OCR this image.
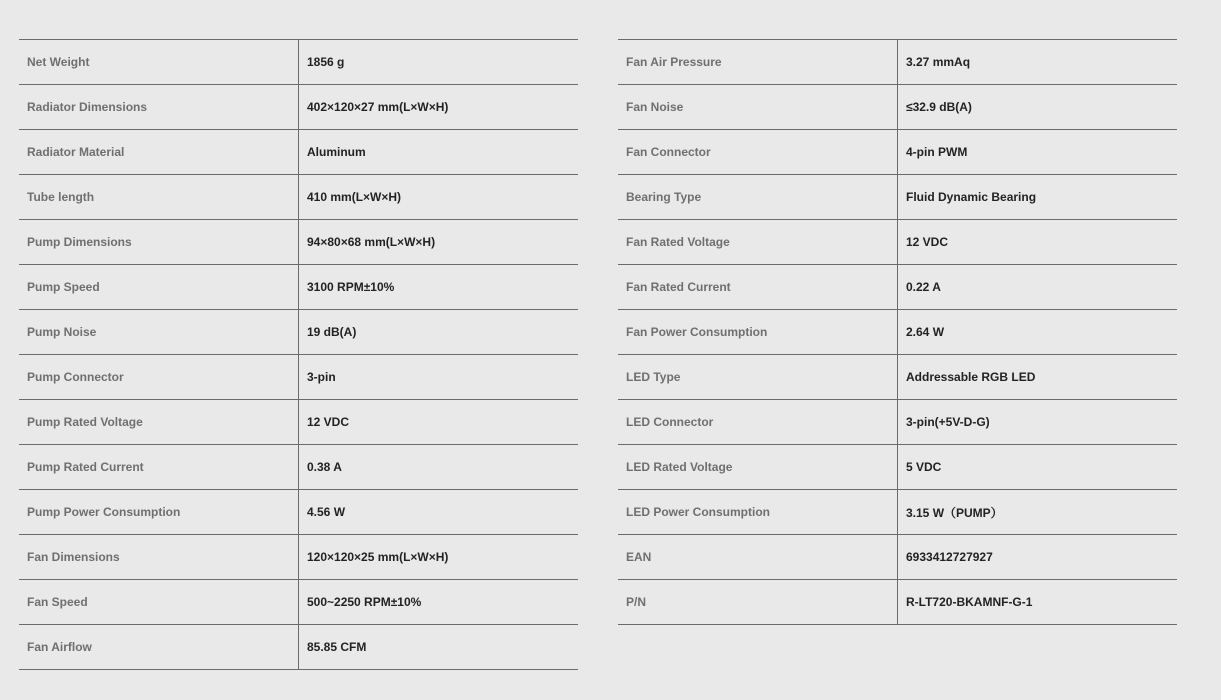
Net Weight	1856 g
Radiator Dimensions	402×120×27 mm(L×W×H)
Radiator Material	Aluminum
Tube length	410 mm(L×W×H)
Pump Dimensions	94×80×68 mm(L×W×H)
Pump Speed	3100 RPM±10%
Pump Noise	19 dB(A)
Pump Connector	3-pin
Pump Rated Voltage	12 VDC
Pump Rated Current	0.38 A
Pump Power Consumption	4.56 W
Fan Dimensions	120×120×25 mm(L×W×H)
Fan Speed	500~2250 RPM±10%
Fan Airflow	85.85 CFM
Fan Air Pressure	3.27 mmAq
Fan Noise	≤32.9 dB(A)
Fan Connector	4-pin PWM
Bearing Type	Fluid Dynamic Bearing
Fan Rated Voltage	12 VDC
Fan Rated Current	0.22 A
Fan Power Consumption	2.64 W
LED Type	Addressable RGB LED
LED Connector	3-pin(+5V-D-G)
LED Rated Voltage	5 VDC
LED Power Consumption	3.15 W（PUMP）
EAN	6933412727927
P/N	R-LT720-BKAMNF-G-1
